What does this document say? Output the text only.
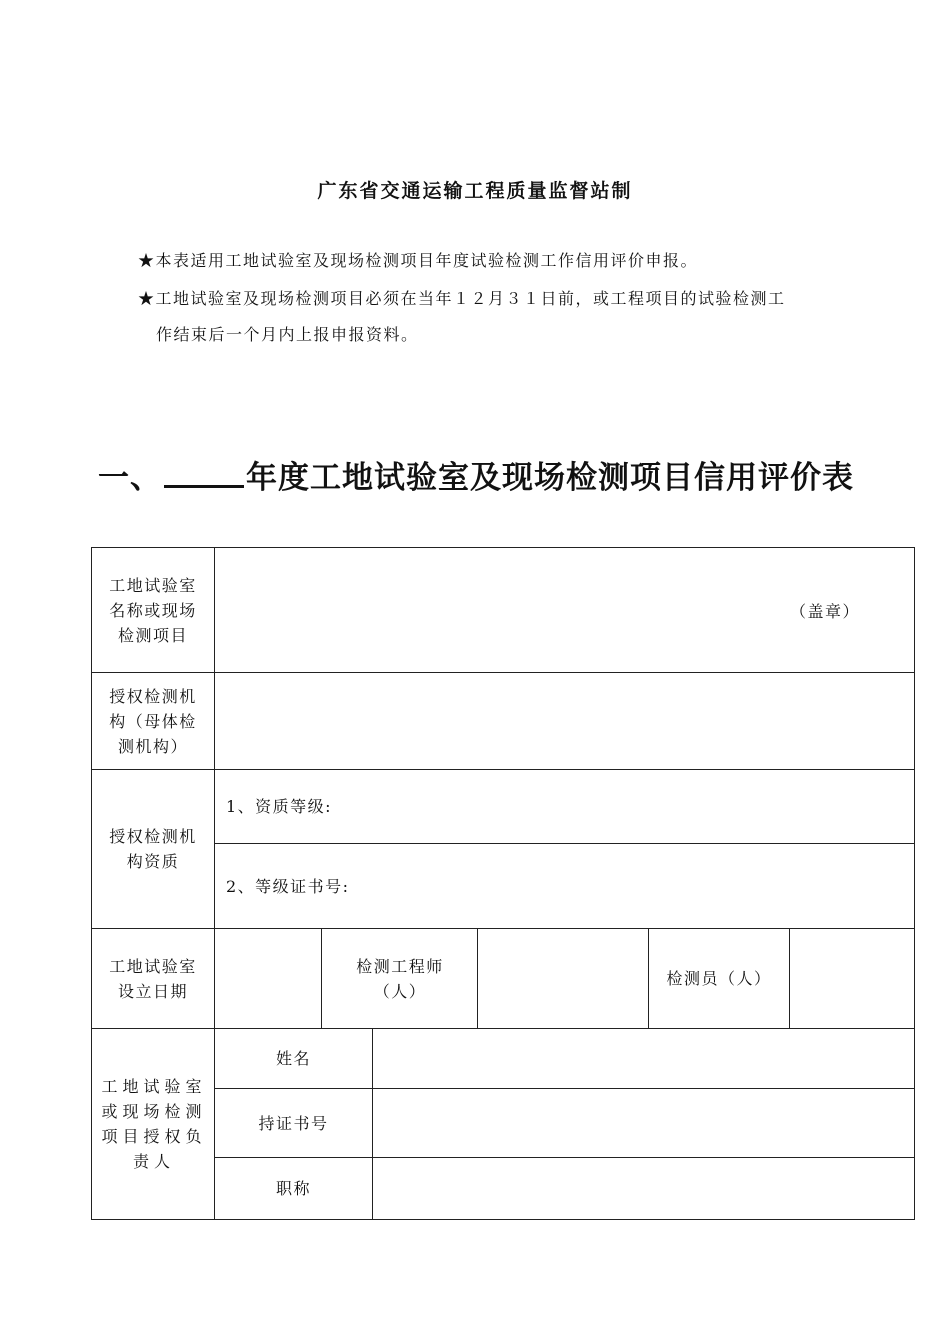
广东省交通运输工程质量监督站制
★本表适用工地试验室及现场检测项目年度试验检测工作信用评价申报。
★工地试验室及现场检测项目必须在当年１２月３１日前，或工程项目的试验检测工
作结束后一个月内上报申报资料。
一、	年度工地试验室及现场检测项目信用评价表
工地试验室名称或现场检测项目
（盖章）
授权检测机构（母体检测机构）
授权检测机构资质
1、资质等级:
2、等级证书号:
工地试验室设立日期
检测工程师（人）
检测员（人）
工地试验室或现场检测项目授权负责人
姓名
持证书号
职称
